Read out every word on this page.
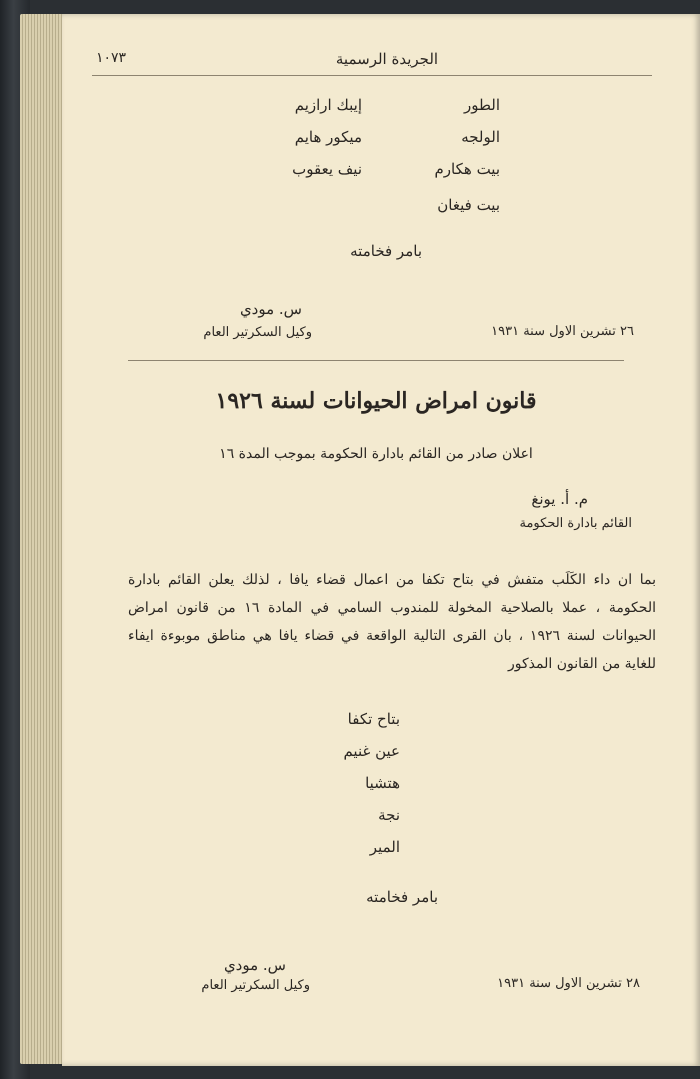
الجريدة الرسمية
١٠٧٣
الطور
الولجه
بيت هكارم
بيت فيغان
إيبك ارازيم
ميكور هايم
نيف يعقوب
بامر فخامته
٢٦ تشرين الاول سنة ١٩٣١
س. مودي
وكيل السكرتير العام
قانون امراض الحيوانات لسنة ١٩٢٦
اعلان صادر من القائم بادارة الحكومة بموجب المدة ١٦
م. أ. يونغ
القائم بادارة الحكومة
بما ان داء الكَلَب متفش في بتاح تكفا من اعمال قضاء يافا ، لذلك يعلن القائم بادارة الحكومة ، عملا بالصلاحية المخولة للمندوب السامي في المادة ١٦ من قانون امراض الحيوانات لسنة ١٩٢٦ ، بان القرى التالية الواقعة في قضاء يافا هي مناطق موبوءة ايفاء للغاية من القانون المذكور
بتاح تكفا
عين غنيم
هتشيا
نجة
المير
بامر فخامته
٢٨ تشرين الاول سنة ١٩٣١
س. مودي
وكيل السكرتير العام
